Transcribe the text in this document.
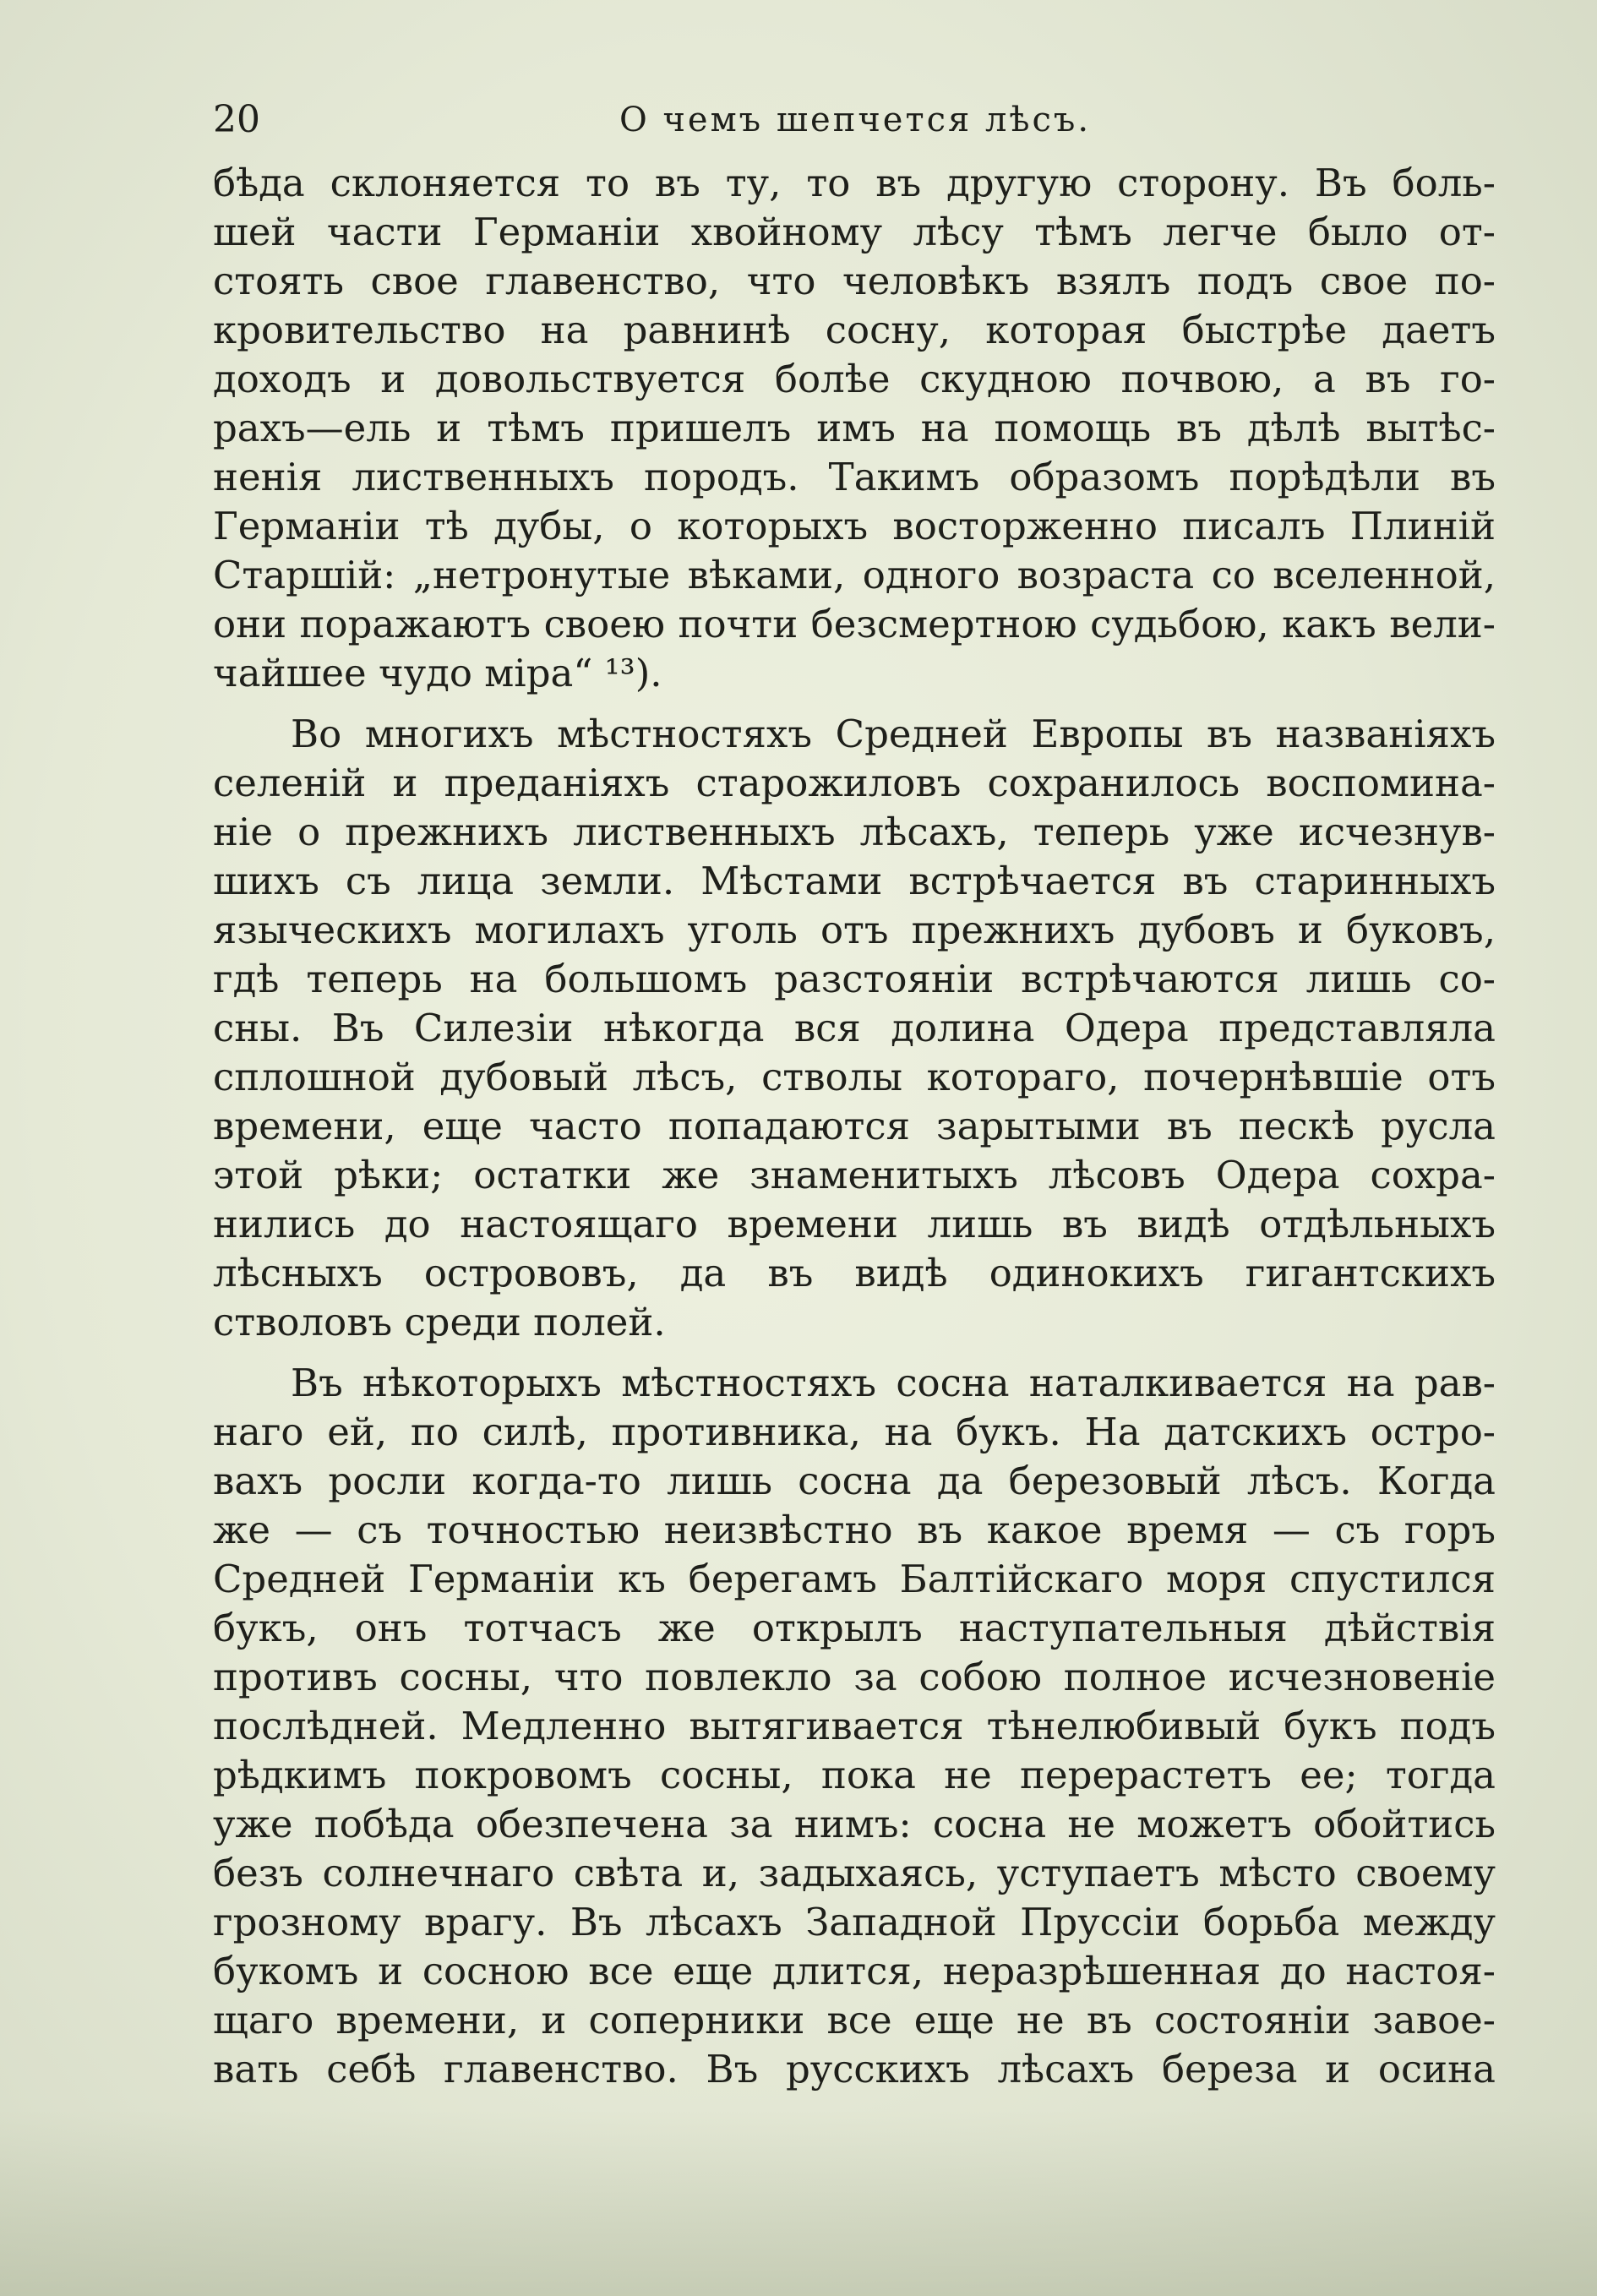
20	О чемъ шепчется лѣсъ.
бѣда склоняется то въ ту, то въ другую сторону. Въ боль-
шей части Германіи хвойному лѣсу тѣмъ легче было от-
стоять свое главенство, что человѣкъ взялъ подъ свое по-
кровительство на равнинѣ сосну, которая быстрѣе даетъ
доходъ и довольствуется болѣе скудною почвою, а въ го-
рахъ—ель и тѣмъ пришелъ имъ на помощь въ дѣлѣ вытѣс-
ненія лиственныхъ породъ. Такимъ образомъ порѣдѣли въ
Германіи тѣ дубы, о которыхъ восторженно писалъ Плиній
Старшій: „нетронутые вѣками, одного возраста со вселенной,
они поражаютъ своею почти безсмертною судьбою, какъ вели-
чайшее чудо міра“ ¹³).
Во многихъ мѣстностяхъ Средней Европы въ названіяхъ
селеній и преданіяхъ старожиловъ сохранилось воспомина-
ніе о прежнихъ лиственныхъ лѣсахъ, теперь уже исчезнув-
шихъ съ лица земли. Мѣстами встрѣчается въ старинныхъ
языческихъ могилахъ уголь отъ прежнихъ дубовъ и буковъ,
гдѣ теперь на большомъ разстояніи встрѣчаются лишь со-
сны. Въ Силезіи нѣкогда вся долина Одера представляла
сплошной дубовый лѣсъ, стволы котораго, почернѣвшіе отъ
времени, еще часто попадаются зарытыми въ пескѣ русла
этой рѣки; остатки же знаменитыхъ лѣсовъ Одера сохра-
нились до настоящаго времени лишь въ видѣ отдѣльныхъ
лѣсныхъ острововъ, да въ видѣ одинокихъ гигантскихъ
стволовъ среди полей.
Въ нѣкоторыхъ мѣстностяхъ сосна наталкивается на рав-
наго ей, по силѣ, противника, на букъ. На датскихъ остро-
вахъ росли когда-то лишь сосна да березовый лѣсъ. Когда
же — съ точностью неизвѣстно въ какое время — съ горъ
Средней Германіи къ берегамъ Балтійскаго моря спустился
букъ, онъ тотчасъ же открылъ наступательныя дѣйствія
противъ сосны, что повлекло за собою полное исчезновеніе
послѣдней. Медленно вытягивается тѣнелюбивый букъ подъ
рѣдкимъ покровомъ сосны, пока не перерастетъ ее; тогда
уже побѣда обезпечена за нимъ: сосна не можетъ обойтись
безъ солнечнаго свѣта и, задыхаясь, уступаетъ мѣсто своему
грозному врагу. Въ лѣсахъ Западной Пруссіи борьба между
букомъ и сосною все еще длится, неразрѣшенная до настоя-
щаго времени, и соперники все еще не въ состояніи завое-
вать себѣ главенство. Въ русскихъ лѣсахъ береза и осина
